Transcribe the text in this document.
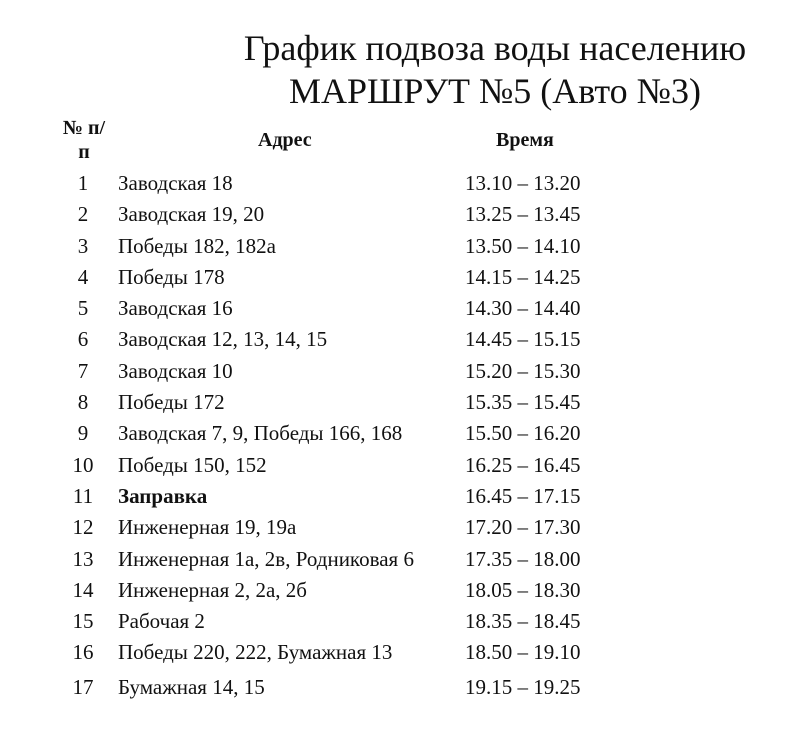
График подвоза воды населению
МАРШРУТ №5 (Авто №3)
№ п/
п
Адрес	Время
1	Заводская 18	13.10 – 13.20
2	Заводская 19, 20	13.25 – 13.45
3	Победы 182, 182а	13.50 – 14.10
4	Победы 178	14.15 – 14.25
5	Заводская 16	14.30 – 14.40
6	Заводская 12, 13, 14, 15	14.45 – 15.15
7	Заводская 10	15.20 – 15.30
8	Победы 172	15.35 – 15.45
9	Заводская 7, 9, Победы 166, 168	15.50 – 16.20
10	Победы 150, 152	16.25 – 16.45
11	Заправка	16.45 – 17.15
12	Инженерная 19, 19а	17.20 – 17.30
13	Инженерная 1а, 2в, Родниковая 6 17.35 – 18.00
14	Инженерная 2, 2а, 2б	18.05 – 18.30
15	Рабочая 2	18.35 – 18.45
16	Победы 220, 222, Бумажная 13	18.50 – 19.10
17	Бумажная 14, 15	19.15 – 19.25
